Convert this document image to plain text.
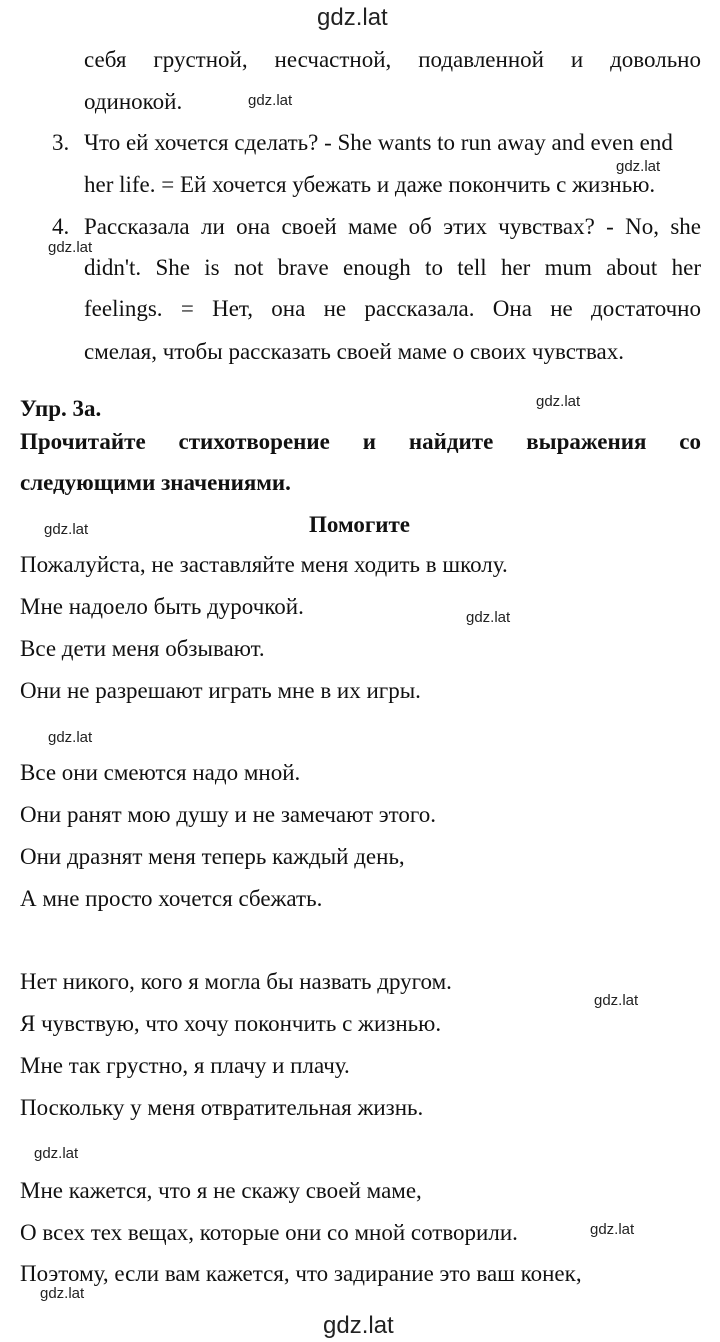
gdz.lat
себя грустной, несчастной, подавленной и довольно
одинокой.	gdz.lat
3. Что ей хочется сделать? - She wants to run away and even end
gdz.lat
her life. = Ей хочется убежать и даже покончить с жизнью.
4. Рассказала ли она своей маме об этих чувствах? - No, she
gdz.lat
didn't. She is not brave enough to tell her mum about her
feelings. = Нет, она не рассказала. Она не достаточно
смелая, чтобы рассказать своей маме о своих чувствах.
Упр. 3а.	gdz.lat
Прочитайте стихотворение и найдите выражения со
следующими значениями.
gdz.lat	Помогите
Пожалуйста, не заставляйте меня ходить в школу.
Мне надоело быть дурочкой.	gdz.lat
Все дети меня обзывают.
Они не разрешают играть мне в их игры.
gdz.lat
Все они смеются надо мной.
Они ранят мою душу и не замечают этого.
Они дразнят меня теперь каждый день,
А мне просто хочется сбежать.
Нет никого, кого я могла бы назвать другом.
gdz.lat
Я чувствую, что хочу покончить с жизнью.
Мне так грустно, я плачу и плачу.
Поскольку у меня отвратительная жизнь.
gdz.lat
Мне кажется, что я не скажу своей маме,
О всех тех вещах, которые они со мной сотворили.	gdz.lat
Поэтому, если вам кажется, что задирание это ваш конек,
gdz.lat
gdz.lat
